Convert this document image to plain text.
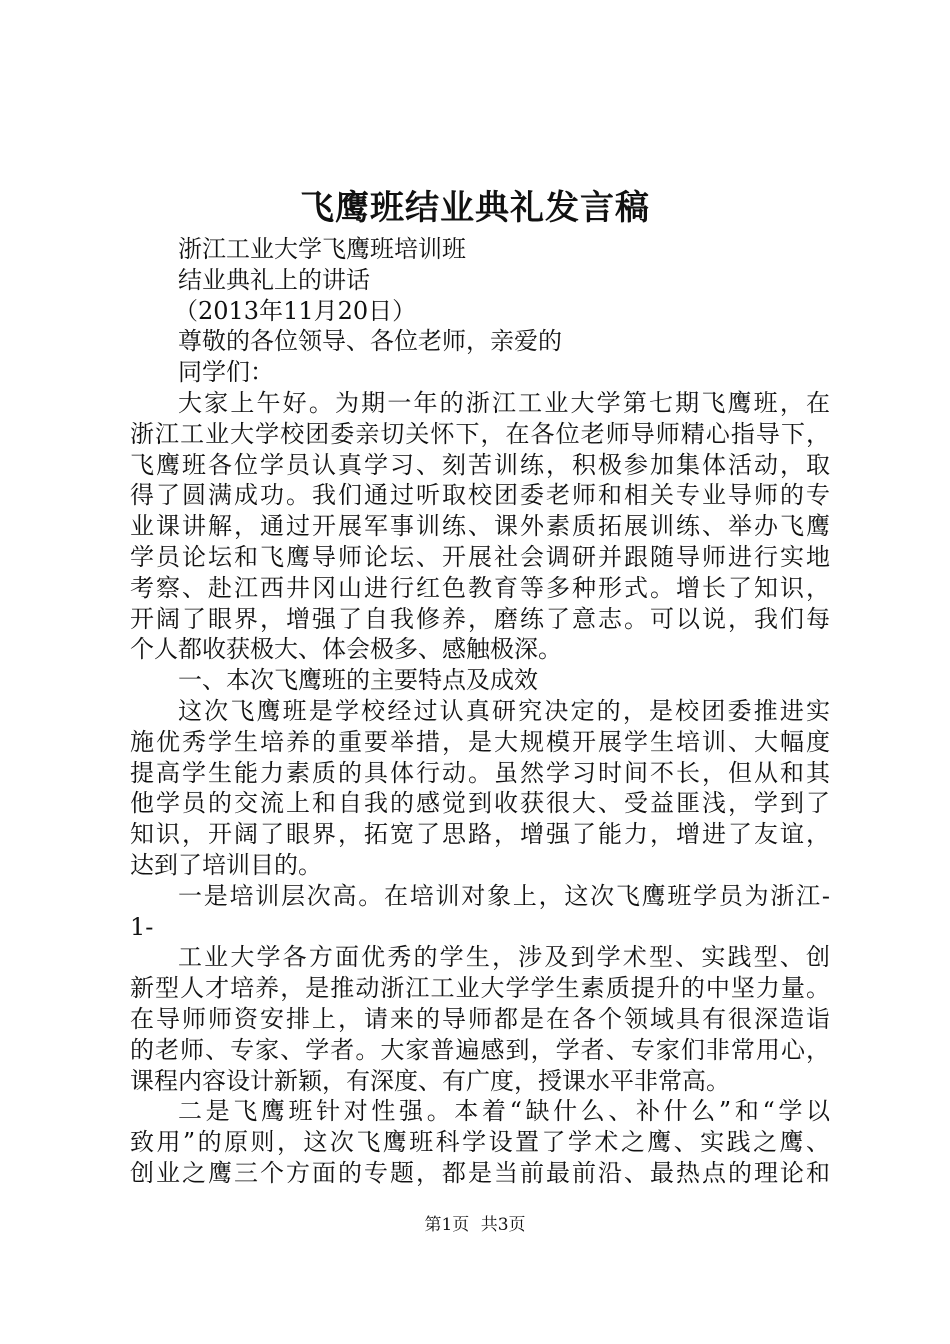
飞鹰班结业典礼发言稿
浙江工业大学飞鹰班培训班
结业典礼上的讲话
（2013年11月20日）
尊敬的各位领导、各位老师，亲爱的
同学们：
大家上午好。为期一年的浙江工业大学第七期飞鹰班，在
浙江工业大学校团委亲切关怀下，在各位老师导师精心指导下，
飞鹰班各位学员认真学习、刻苦训练，积极参加集体活动，取
得了圆满成功。我们通过听取校团委老师和相关专业导师的专
业课讲解，通过开展军事训练、课外素质拓展训练、举办飞鹰
学员论坛和飞鹰导师论坛、开展社会调研并跟随导师进行实地
考察、赴江西井冈山进行红色教育等多种形式。增长了知识，
开阔了眼界，增强了自我修养，磨练了意志。可以说，我们每
个人都收获极大、体会极多、感触极深。
一、本次飞鹰班的主要特点及成效
这次飞鹰班是学校经过认真研究决定的，是校团委推进实
施优秀学生培养的重要举措，是大规模开展学生培训、大幅度
提高学生能力素质的具体行动。虽然学习时间不长，但从和其
他学员的交流上和自我的感觉到收获很大、受益匪浅，学到了
知识，开阔了眼界，拓宽了思路，增强了能力，增进了友谊，
达到了培训目的。
一是培训层次高。在培训对象上，这次飞鹰班学员为浙江-
1-
工业大学各方面优秀的学生，涉及到学术型、实践型、创
新型人才培养，是推动浙江工业大学学生素质提升的中坚力量。
在导师师资安排上，请来的导师都是在各个领域具有很深造诣
的老师、专家、学者。大家普遍感到，学者、专家们非常用心，
课程内容设计新颖，有深度、有广度，授课水平非常高。
二是飞鹰班针对性强。本着“缺什么、补什么”和“学以
致用”的原则，这次飞鹰班科学设置了学术之鹰、实践之鹰、
创业之鹰三个方面的专题，都是当前最前沿、最热点的理论和
第1页 共3页
